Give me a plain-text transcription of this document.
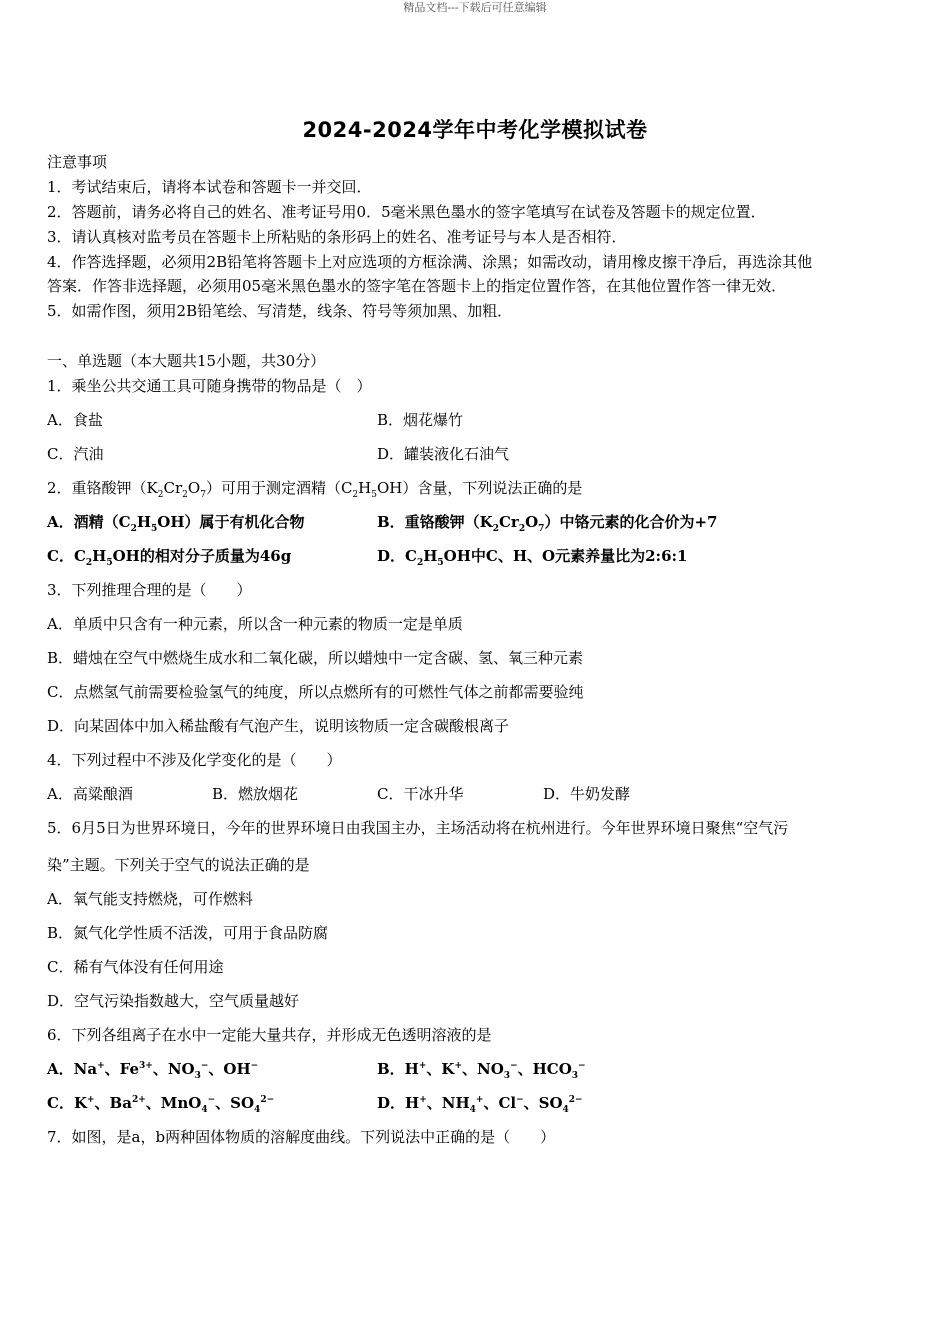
精品文档---下载后可任意编辑
2024-2024学年中考化学模拟试卷
注意事项
1．考试结束后，请将本试卷和答题卡一并交回．
2．答题前，请务必将自己的姓名、准考证号用0．5毫米黑色墨水的签字笔填写在试卷及答题卡的规定位置．
3．请认真核对监考员在答题卡上所粘贴的条形码上的姓名、准考证号与本人是否相符．
4．作答选择题，必须用2B铅笔将答题卡上对应选项的方框涂满、涂黑；如需改动，请用橡皮擦干净后，再选涂其他
答案．作答非选择题，必须用05毫米黑色墨水的签字笔在答题卡上的指定位置作答，在其他位置作答一律无效．
5．如需作图，须用2B铅笔绘、写清楚，线条、符号等须加黑、加粗．
一、单选题（本大题共15小题，共30分）
1．乘坐公共交通工具可随身携带的物品是（　）
A．食盐	B．烟花爆竹
C．汽油	D．罐装液化石油气
2．重铬酸钾$(K_2Cr_2O_7)$可用于测定酒精$(C_2H_5OH)$含量，下列说法正确的是
A．酒精$(C_2H_5OH)$属于有机化合物	B．重铬酸钾$(K_2Cr_2O_7)$中铬元素的化合价为+7
C．$C_2H_5OH$的相对分子质量为46g	D．$C_2H_5OH$中C、H、O元素养量比为2:6:1
3．下列推理合理的是（　　）
A．单质中只含有一种元素，所以含一种元素的物质一定是单质
B．蜡烛在空气中燃烧生成水和二氧化碳，所以蜡烛中一定含碳、氢、氧三种元素
C．点燃氢气前需要检验氢气的纯度，所以点燃所有的可燃性气体之前都需要验纯
D．向某固体中加入稀盐酸有气泡产生，说明该物质一定含碳酸根离子
4．下列过程中不涉及化学变化的是（　　）
A．高粱酿酒	B．燃放烟花	C．干冰升华	D．牛奶发酵
5．6月5日为世界环境日，今年的世界环境日由我国主办，主场活动将在杭州进行。今年世界环境日聚焦“空气污
染”主题。下列关于空气的说法正确的是
A．氧气能支持燃烧，可作燃料
B．氮气化学性质不活泼，可用于食品防腐
C．稀有气体没有任何用途
D．空气污染指数越大，空气质量越好
6．下列各组离子在水中一定能大量共存，并形成无色透明溶液的是
A．Na+、$Fe^{3+}$、$NO_3^-$、OH−	B．H+、K+、$NO_3^-$、$HCO_3^-$
C．K+、$Ba^{2+}$、MnO$_4$−、$SO_4^{2-}$	D．H+、$NH_4^+$、Cl−、$SO_4^{2-}$
7．如图，是a，b两种固体物质的溶解度曲线。下列说法中正确的是（　　）
